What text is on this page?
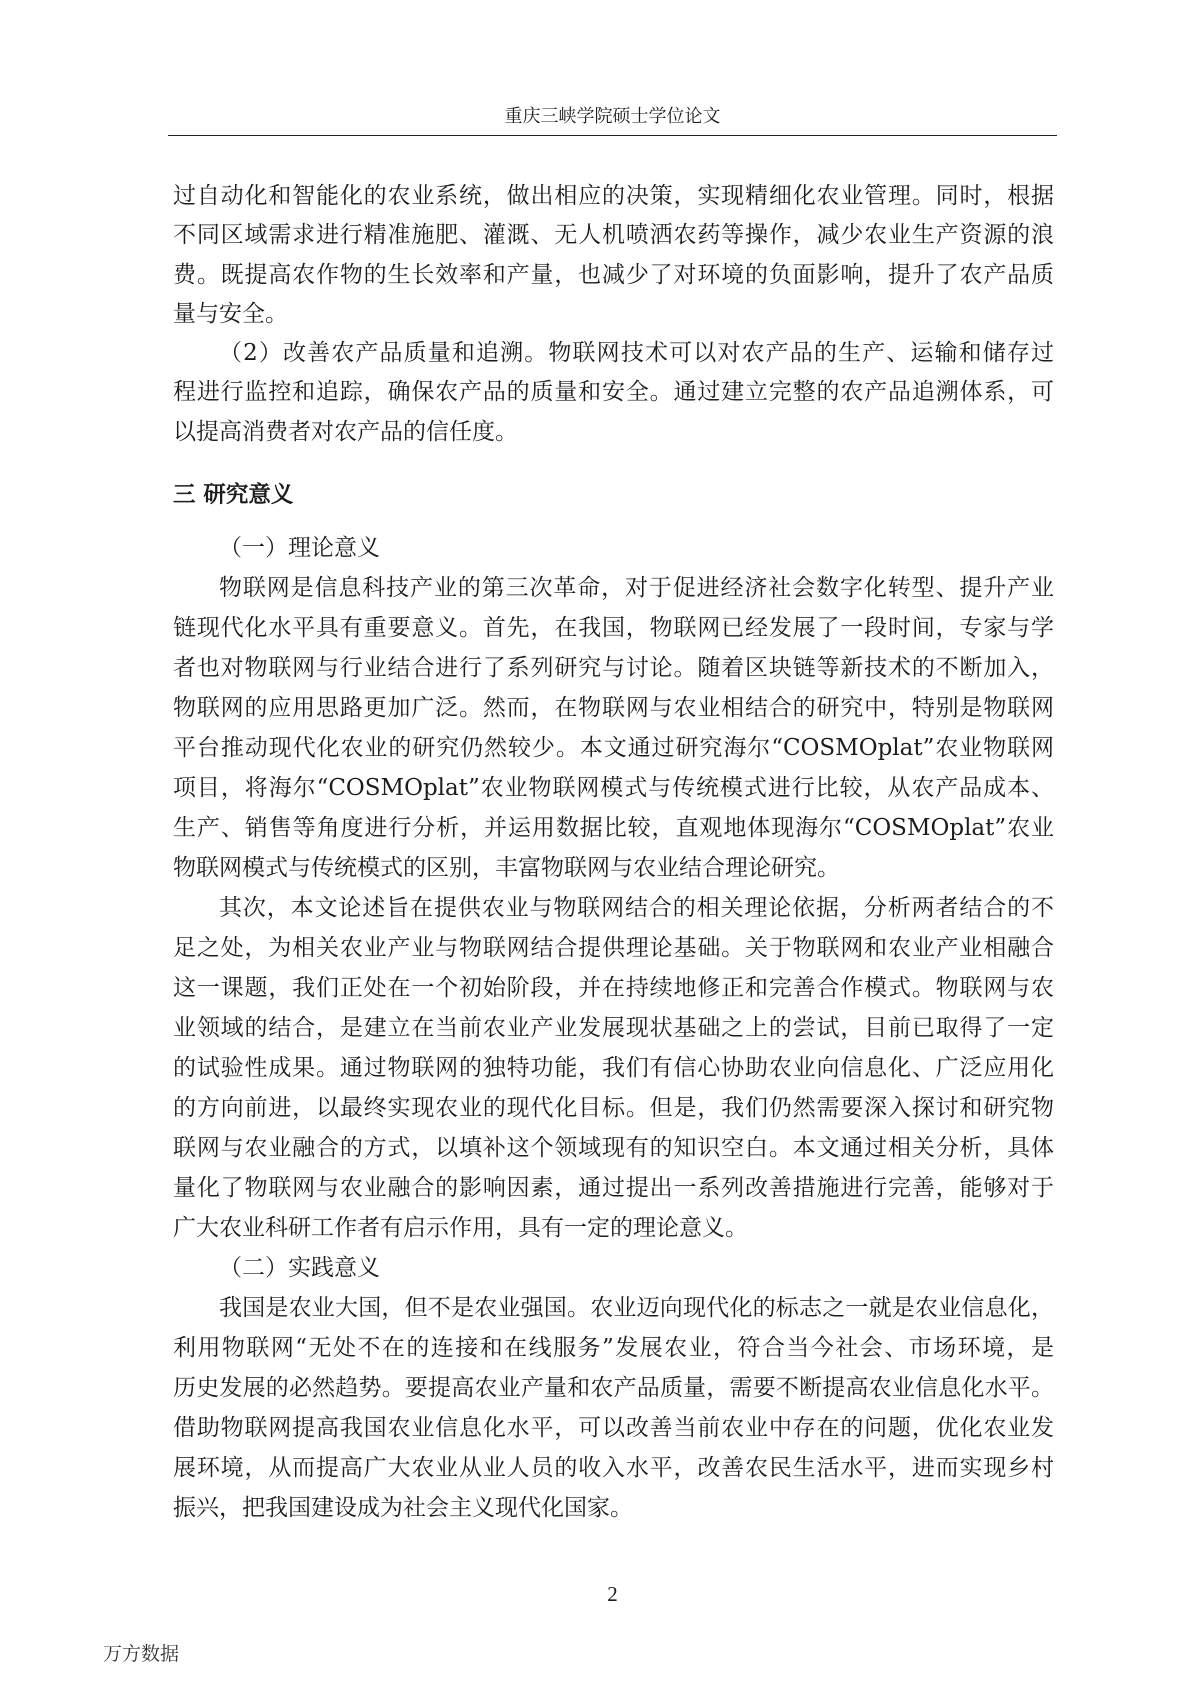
重庆三峡学院硕士学位论文
过自动化和智能化的农业系统，做出相应的决策，实现精细化农业管理。同时，根据
不同区域需求进行精准施肥、灌溉、无人机喷洒农药等操作，减少农业生产资源的浪
费。既提高农作物的生长效率和产量，也减少了对环境的负面影响，提升了农产品质
量与安全。
（2）改善农产品质量和追溯。物联网技术可以对农产品的生产、运输和储存过
程进行监控和追踪，确保农产品的质量和安全。通过建立完整的农产品追溯体系，可
以提高消费者对农产品的信任度。
三 研究意义
（一）理论意义
物联网是信息科技产业的第三次革命，对于促进经济社会数字化转型、提升产业
链现代化水平具有重要意义。首先，在我国，物联网已经发展了一段时间，专家与学
者也对物联网与行业结合进行了系列研究与讨论。随着区块链等新技术的不断加入，
物联网的应用思路更加广泛。然而，在物联网与农业相结合的研究中，特别是物联网
平台推动现代化农业的研究仍然较少。本文通过研究海尔“COSMOplat”农业物联网
项目，将海尔“COSMOplat”农业物联网模式与传统模式进行比较，从农产品成本、
生产、销售等角度进行分析，并运用数据比较，直观地体现海尔“COSMOplat”农业
物联网模式与传统模式的区别，丰富物联网与农业结合理论研究。
其次，本文论述旨在提供农业与物联网结合的相关理论依据，分析两者结合的不
足之处，为相关农业产业与物联网结合提供理论基础。关于物联网和农业产业相融合
这一课题，我们正处在一个初始阶段，并在持续地修正和完善合作模式。物联网与农
业领域的结合，是建立在当前农业产业发展现状基础之上的尝试，目前已取得了一定
的试验性成果。通过物联网的独特功能，我们有信心协助农业向信息化、广泛应用化
的方向前进，以最终实现农业的现代化目标。但是，我们仍然需要深入探讨和研究物
联网与农业融合的方式，以填补这个领域现有的知识空白。本文通过相关分析，具体
量化了物联网与农业融合的影响因素，通过提出一系列改善措施进行完善，能够对于
广大农业科研工作者有启示作用，具有一定的理论意义。
（二）实践意义
我国是农业大国，但不是农业强国。农业迈向现代化的标志之一就是农业信息化，
利用物联网“无处不在的连接和在线服务”发展农业，符合当今社会、市场环境，是
历史发展的必然趋势。要提高农业产量和农产品质量，需要不断提高农业信息化水平。
借助物联网提高我国农业信息化水平，可以改善当前农业中存在的问题，优化农业发
展环境，从而提高广大农业从业人员的收入水平，改善农民生活水平，进而实现乡村
振兴，把我国建设成为社会主义现代化国家。
2
万方数据
